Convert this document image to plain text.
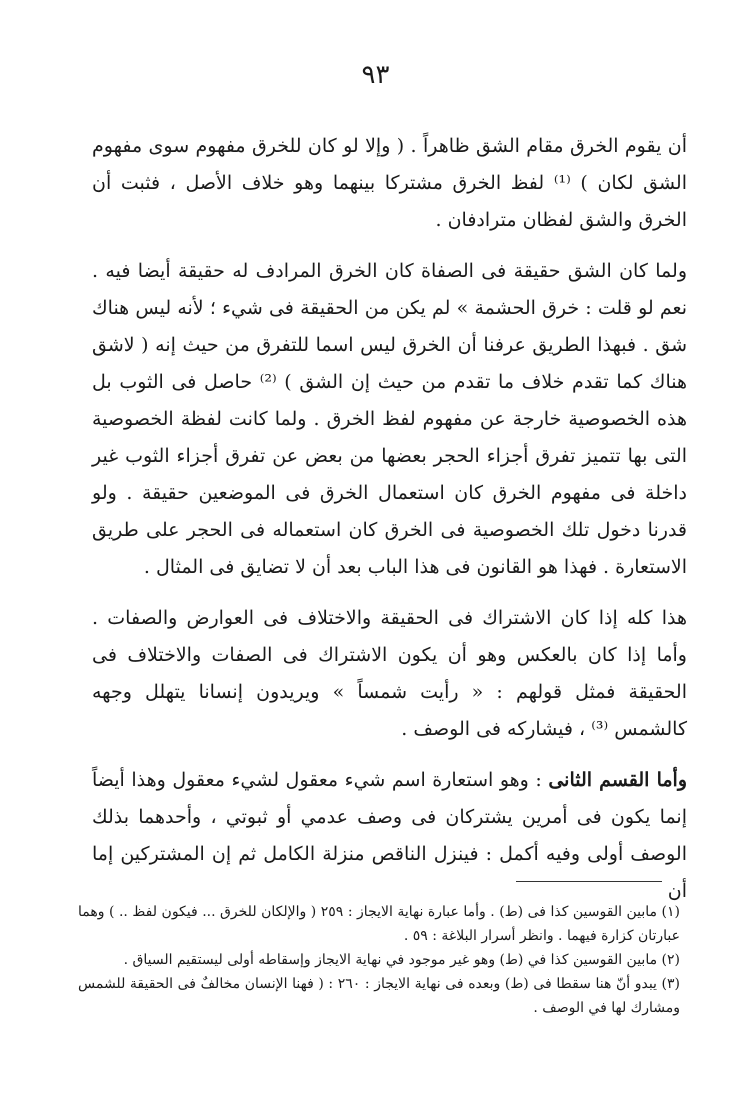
٩٣

أن يقوم الخرق مقام الشق ظاهراً . ( وإلا لو كان للخرق مفهوم سوى مفهوم الشق لكان ) ⁽¹⁾ لفظ الخرق مشتركا بينهما وهو خلاف الأصل ، فثبت أن الخرق والشق لفظان مترادفان .

ولما كان الشق حقيقة فى الصفاة كان الخرق المرادف له حقيقة أيضا فيه . نعم لو قلت : خرق الحشمة » لم يكن من الحقيقة فى شيء ؛ لأنه ليس هناك شق . فبهذا الطريق عرفنا أن الخرق ليس اسما للتفرق من حيث إنه ( لاشق هناك كما تقدم خلاف ما تقدم من حيث إن الشق ) ⁽²⁾ حاصل فى الثوب بل هذه الخصوصية خارجة عن مفهوم لفظ الخرق . ولما كانت لفظة الخصوصية التى بها تتميز تفرق أجزاء الحجر بعضها من بعض عن تفرق أجزاء الثوب غير داخلة فى مفهوم الخرق كان استعمال الخرق فى الموضعين حقيقة . ولو قدرنا دخول تلك الخصوصية فى الخرق كان استعماله فى الحجر على طريق الاستعارة . فهذا هو القانون فى هذا الباب بعد أن لا تضايق فى المثال .

هذا كله إذا كان الاشتراك فى الحقيقة والاختلاف فى العوارض والصفات . وأما إذا كان بالعكس وهو أن يكون الاشتراك فى الصفات والاختلاف فى الحقيقة فمثل قولهم : « رأيت شمساً » ويريدون إنسانا يتهلل وجهه كالشمس ⁽³⁾ ، فيشاركه فى الوصف .

وأما القسم الثانى : وهو استعارة اسم شيء معقول لشيء معقول وهذا أيضاً إنما يكون فى أمرين يشتركان فى وصف عدمي أو ثبوتي ، وأحدهما بذلك الوصف أولى وفيه أكمل : فينزل الناقص منزلة الكامل ثم إن المشتركين إما أن

(١) مابين القوسين كذا فى (ط) . وأما عبارة نهاية الايجاز : ٢٥٩ ( والإلكان للخرق ... فيكون لفظ .. ) وهما عبارتان كزارة فيهما . وانظر أسرار البلاغة : ٥٩ .

(٢) مابين القوسين كذا في (ط) وهو غير موجود في نهاية الايجاز وإسقاطه أولى ليستقيم السياق .

(٣) يبدو أنّ هنا سقطا فى (ط) وبعده فى نهاية الايجاز : ٢٦٠ : ( فهنا الإنسان مخالفٌ فى الحقيقة للشمس ومشارك لها في الوصف .
